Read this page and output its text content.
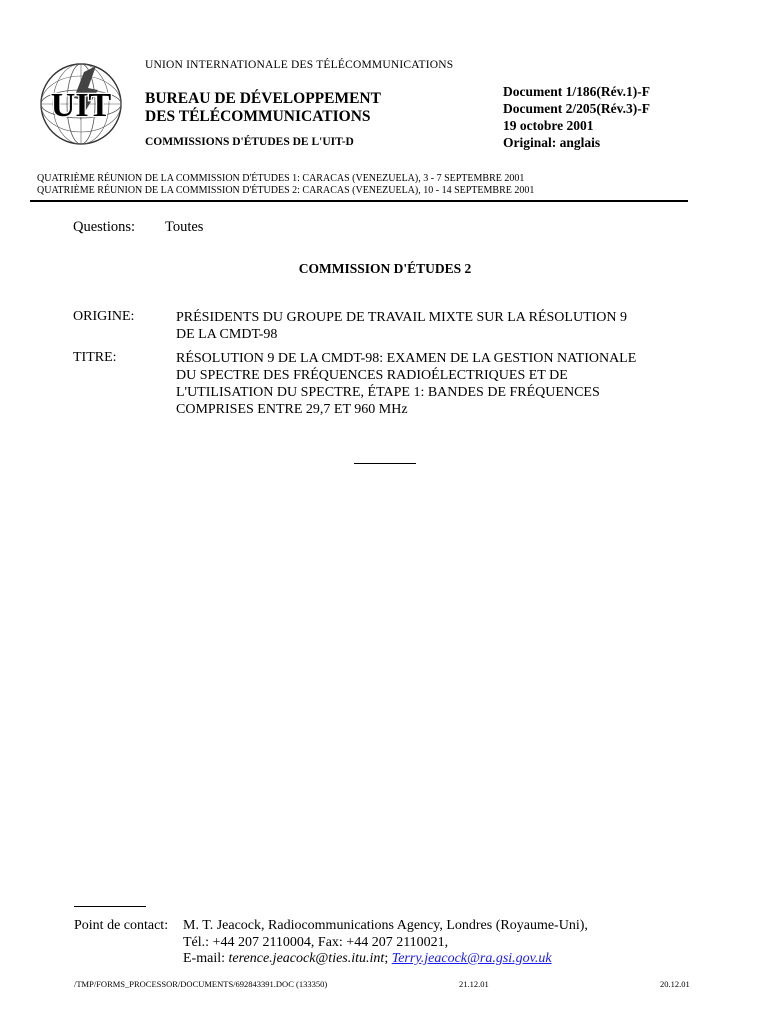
UIT
UNION INTERNATIONALE DES TÉLÉCOMMUNICATIONS
BUREAU DE DÉVELOPPEMENT
DES TÉLÉCOMMUNICATIONS
COMMISSIONS D'ÉTUDES DE L'UIT-D
Document 1/186(Rév.1)-F
Document 2/205(Rév.3)-F
19 octobre 2001
Original: anglais
QUATRIÈME RÉUNION DE LA COMMISSION D'ÉTUDES 1: CARACAS (VENEZUELA), 3 - 7 SEPTEMBRE 2001
QUATRIÈME RÉUNION DE LA COMMISSION D'ÉTUDES 2: CARACAS (VENEZUELA), 10 - 14 SEPTEMBRE 2001
Questions: Toutes
COMMISSION D'ÉTUDES 2
ORIGINE:	PRÉSIDENTS DU GROUPE DE TRAVAIL MIXTE SUR LA RÉSOLUTION 9
DE LA CMDT-98
TITRE:	RÉSOLUTION 9 DE LA CMDT-98: EXAMEN DE LA GESTION NATIONALE
DU SPECTRE DES FRÉQUENCES RADIOÉLECTRIQUES ET DE
L'UTILISATION DU SPECTRE, ÉTAPE 1: BANDES DE FRÉQUENCES
COMPRISES ENTRE 29,7 ET 960 MHz
Point de contact: M. T. Jeacock, Radiocommunications Agency, Londres (Royaume-Uni),
Tél.: +44 207 2110004, Fax: +44 207 2110021,
E-mail: terence.jeacock@ties.itu.int; Terry.jeacock@ra.gsi.gov.uk
/TMP/FORMS_PROCESSOR/DOCUMENTS/692843391.DOC (133350)	21.12.01	20.12.01
